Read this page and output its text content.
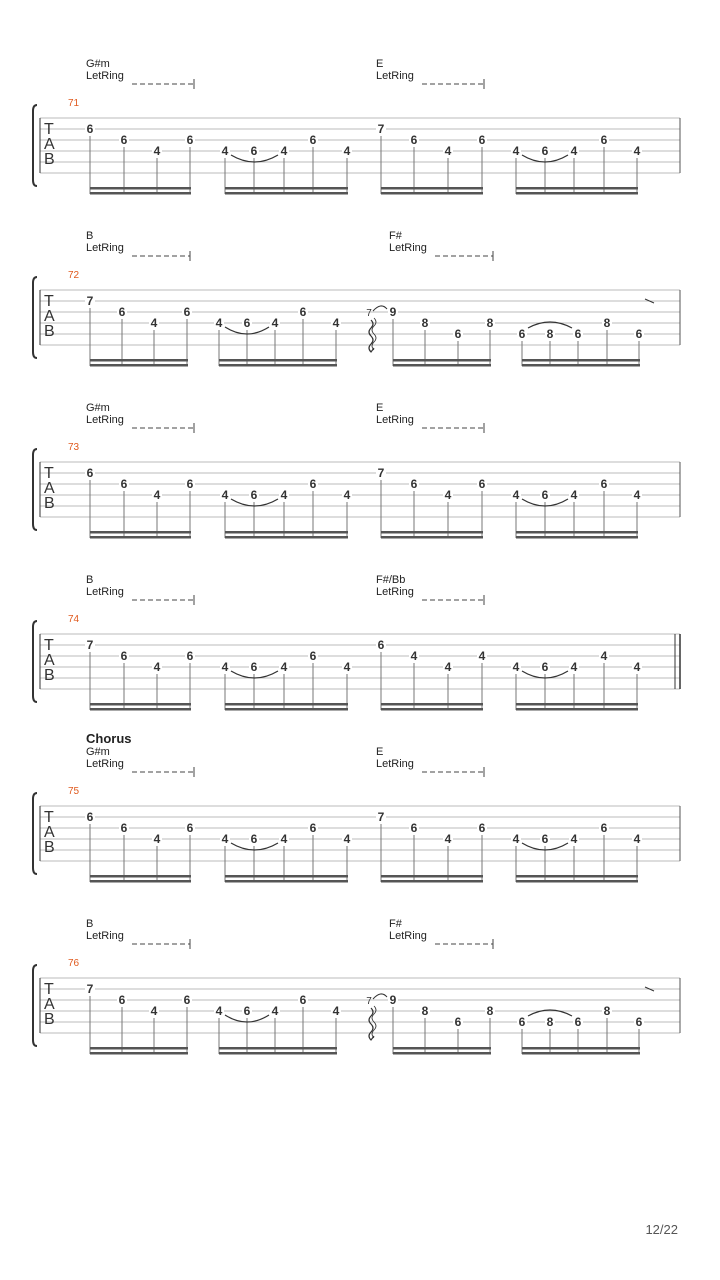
G#m
LetRing
E
LetRing
71
T
A
B
6
6
4
6
4 6 4
6
4
7
6
4
6
4 6 4
6
4
B
LetRing
F#
LetRing
72
T
A
B
7
6
4
6
4 6 4
6
4
9
8
6
8
6 8 6
8
6
7
G#m
LetRing
E
LetRing
73
T
A
B
6
6
4
6
4 6 4
6
4
7
6
4
6
4 6 4
6
4
B
LetRing
F#/Bb
LetRing
74
T
A
B
7
6
4
6
4 6 4
6
4
6
4
4
4
4 6 4
4
4
Chorus
G#m
LetRing
E
LetRing
75
T
A
B
6
6
4
6
4 6 4
6
4
7
6
4
6
4 6 4
6
4
B
LetRing
F#
LetRing
76
T
A
B
7
6
4
6
4 6 4
6
4
9
8
6
8
6 8 6
8
6
7
12/22
